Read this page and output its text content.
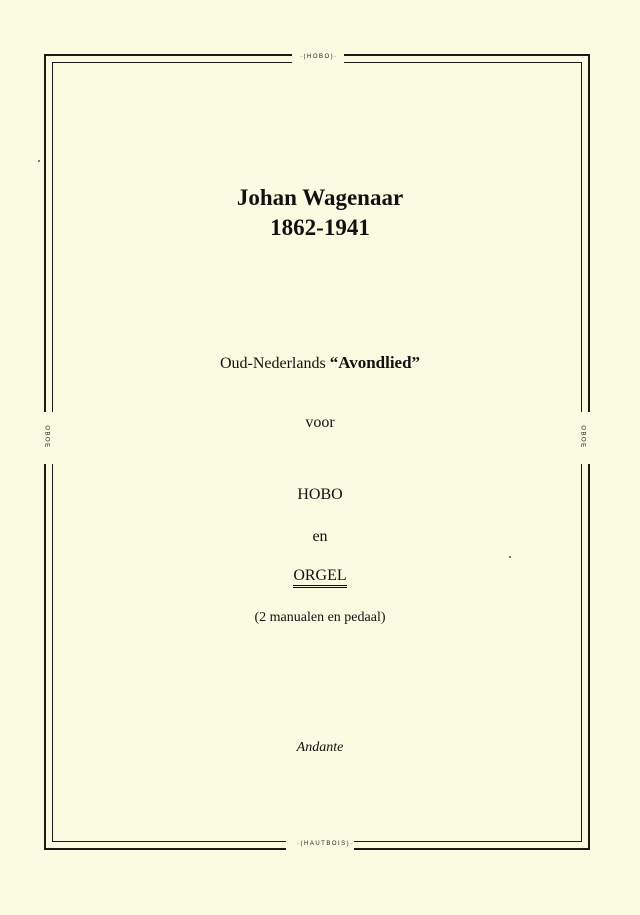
·(HOBO)·
·(HAUTBOIS)·
OBOE	OBOE
Johan Wagenaar
1862-1941
Oud-Nederlands “Avondlied”
voor
HOBO
en
ORGEL
(2 manualen en pedaal)
Andante
